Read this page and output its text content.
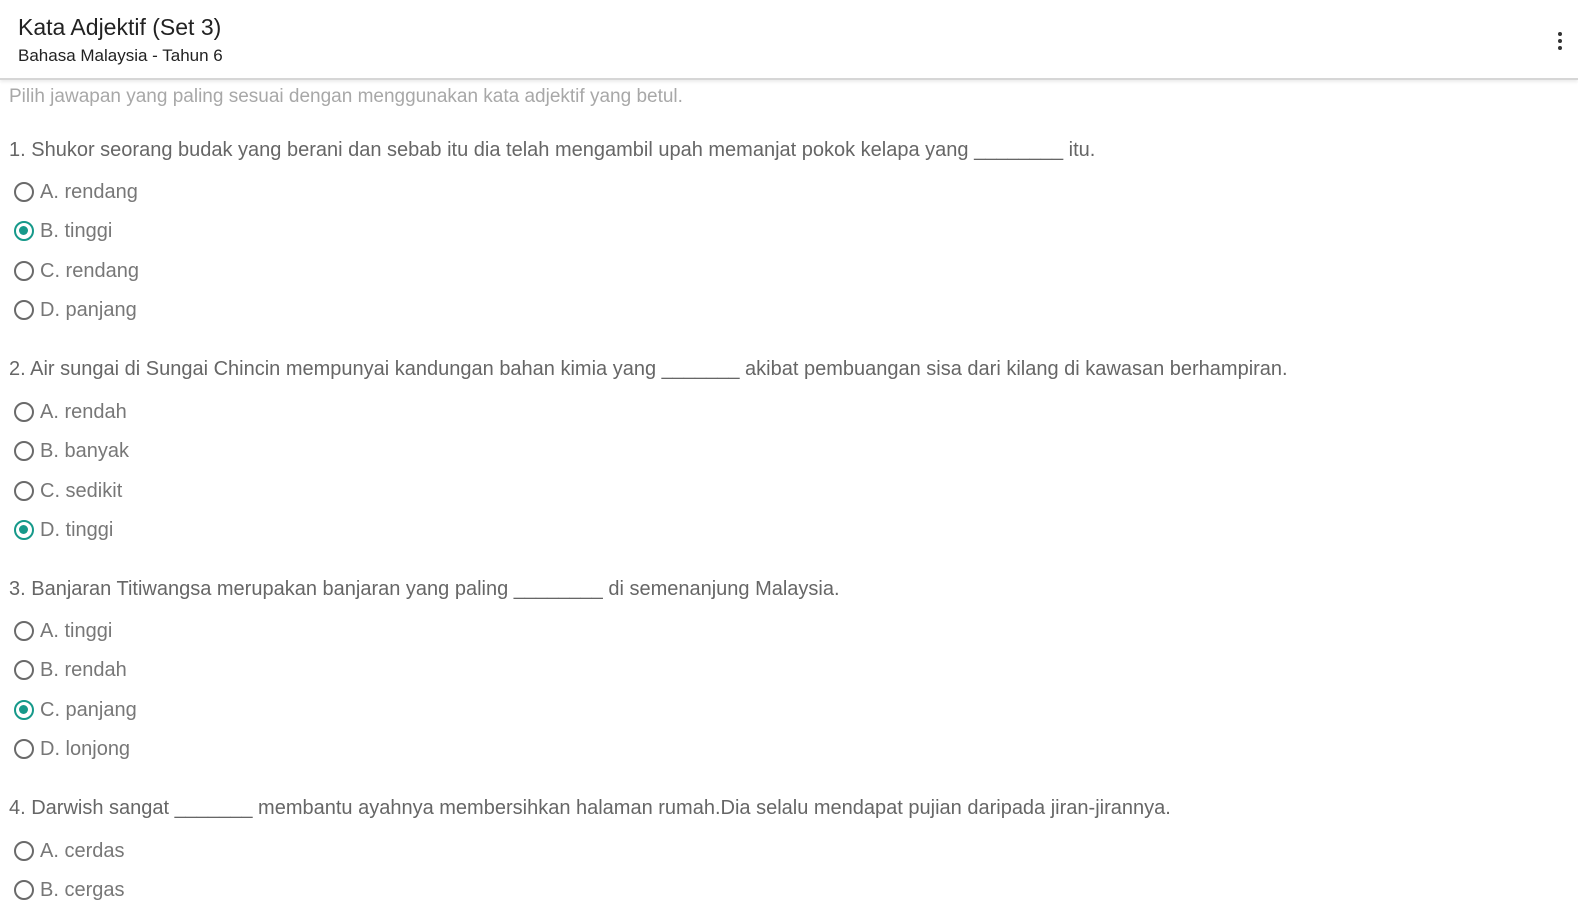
Kata Adjektif (Set 3)
Bahasa Malaysia - Tahun 6
Pilih jawapan yang paling sesuai dengan menggunakan kata adjektif yang betul.
1. Shukor seorang budak yang berani dan sebab itu dia telah mengambil upah memanjat pokok kelapa yang ________ itu.
A. rendang
B. tinggi
C. rendang
D. panjang
2. Air sungai di Sungai Chincin mempunyai kandungan bahan kimia yang _______ akibat pembuangan sisa dari kilang di kawasan berhampiran.
A. rendah
B. banyak
C. sedikit
D. tinggi
3. Banjaran Titiwangsa merupakan banjaran yang paling ________ di semenanjung Malaysia.
A. tinggi
B. rendah
C. panjang
D. lonjong
4. Darwish sangat _______ membantu ayahnya membersihkan halaman rumah.Dia selalu mendapat pujian daripada jiran-jirannya.
A. cerdas
B. cergas
